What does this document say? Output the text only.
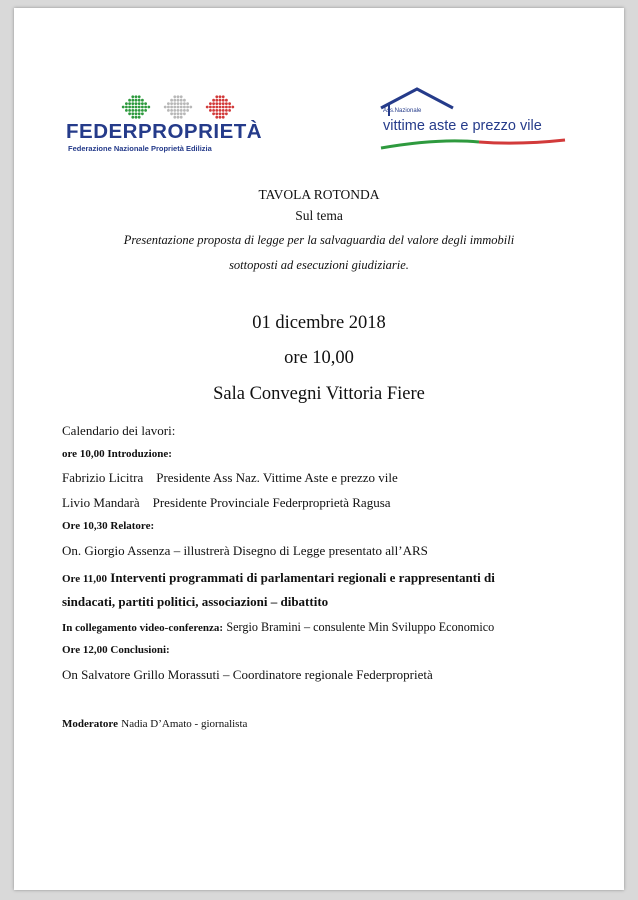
FEDERPROPRIETÀ
Federazione Nazionale Proprietà Edilizia
Ass.Nazionale
vittime aste e prezzo vile
TAVOLA ROTONDA
Sul tema
Presentazione proposta di legge per la salvaguardia del valore degli immobili
sottoposti ad esecuzioni giudiziarie.
01 dicembre 2018
ore 10,00
Sala Convegni Vittoria Fiere
Calendario dei lavori:
ore 10,00 Introduzione:
Fabrizio Licitra Presidente Ass Naz. Vittime Aste e prezzo vile
Livio Mandarà Presidente Provinciale Federproprietà Ragusa
Ore 10,30 Relatore:
On. Giorgio Assenza – illustrerà Disegno di Legge presentato all’ARS
Ore 11,00 Interventi programmati di parlamentari regionali e rappresentanti di
sindacati, partiti politici, associazioni – dibattito
In collegamento video-conferenza: Sergio Bramini – consulente Min Sviluppo Economico
Ore 12,00 Conclusioni:
On Salvatore Grillo Morassuti – Coordinatore regionale Federproprietà
Moderatore Nadia D’Amato - giornalista
